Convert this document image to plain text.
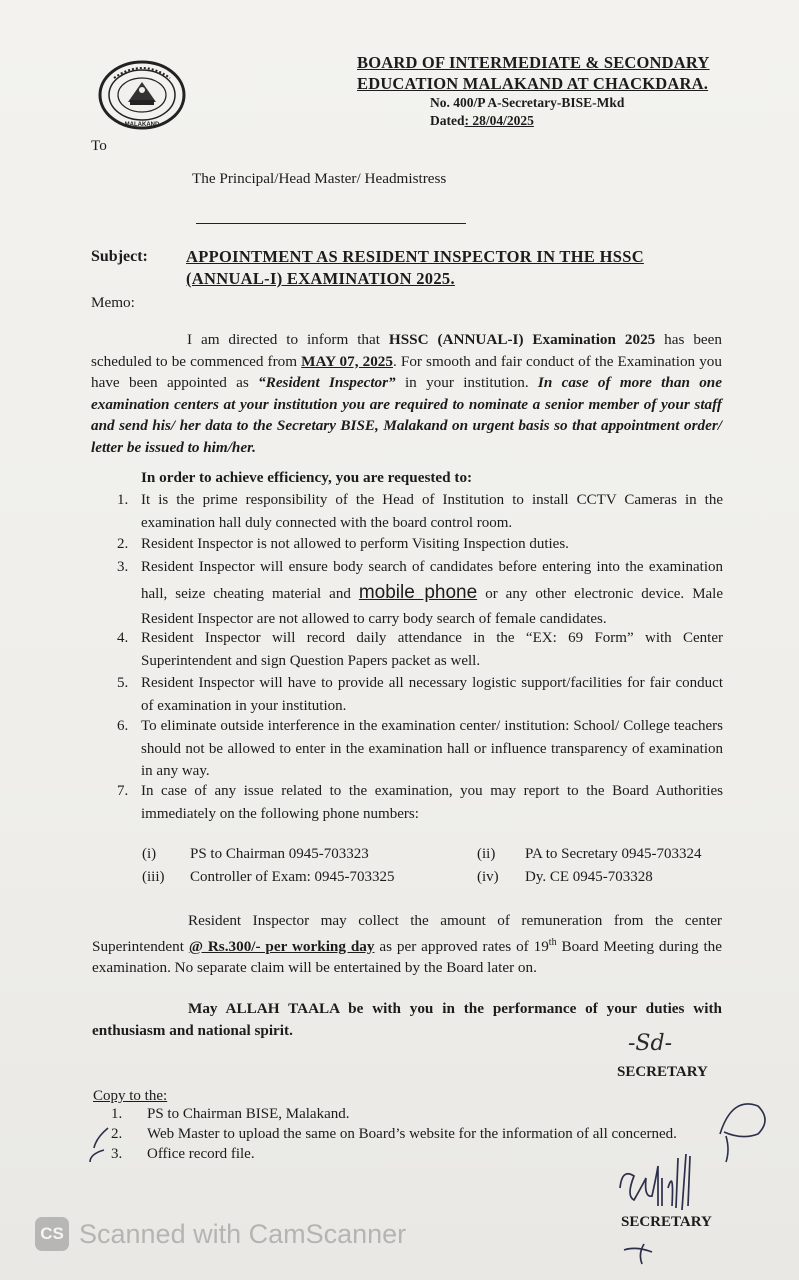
MALAKAND
BOARD OF INTERMEDIATE & SECONDARY
EDUCATION MALAKAND AT CHACKDARA.
No. 400/P A-Secretary-BISE-Mkd
Dated: 28/04/2025
To
The Principal/Head Master/ Headmistress
Subject: APPOINTMENT AS RESIDENT INSPECTOR IN THE HSSC
(ANNUAL-I) EXAMINATION 2025.
Memo:
I am directed to inform that HSSC (ANNUAL-I) Examination 2025 has been scheduled to be commenced from MAY 07, 2025. For smooth and fair conduct of the Examination you have been appointed as “Resident Inspector” in your institution. In case of more than one examination centers at your institution you are required to nominate a senior member of your staff and send his/ her data to the Secretary BISE, Malakand on urgent basis so that appointment order/ letter be issued to him/her.
In order to achieve efficiency, you are requested to:
1. It is the prime responsibility of the Head of Institution to install CCTV Cameras in the examination hall duly connected with the board control room.
2. Resident Inspector is not allowed to perform Visiting Inspection duties.
3. Resident Inspector will ensure body search of candidates before entering into the examination hall, seize cheating material and mobile phone or any other electronic device. Male Resident Inspector are not allowed to carry body search of female candidates.
4. Resident Inspector will record daily attendance in the “EX: 69 Form” with Center Superintendent and sign Question Papers packet as well.
5. Resident Inspector will have to provide all necessary logistic support/facilities for fair conduct of examination in your institution.
6. To eliminate outside interference in the examination center/ institution: School/ College teachers should not be allowed to enter in the examination hall or influence transparency of examination in any way.
7. In case of any issue related to the examination, you may report to the Board Authorities immediately on the following phone numbers:
(i) PS to Chairman 0945-703323	(ii) PA to Secretary 0945-703324
(iii) Controller of Exam: 0945-703325	(iv) Dy. CE 0945-703328
Resident Inspector may collect the amount of remuneration from the center Superintendent @ Rs.300/- per working day as per approved rates of 19th Board Meeting during the examination. No separate claim will be entertained by the Board later on.
May ALLAH TAALA be with you in the performance of your duties with enthusiasm and national spirit.
-Sd-
SECRETARY
Copy to the:
1. PS to Chairman BISE, Malakand.
2. Web Master to upload the same on Board’s website for the information of all concerned.
3. Office record file.
SECRETARY
CS Scanned with CamScanner
